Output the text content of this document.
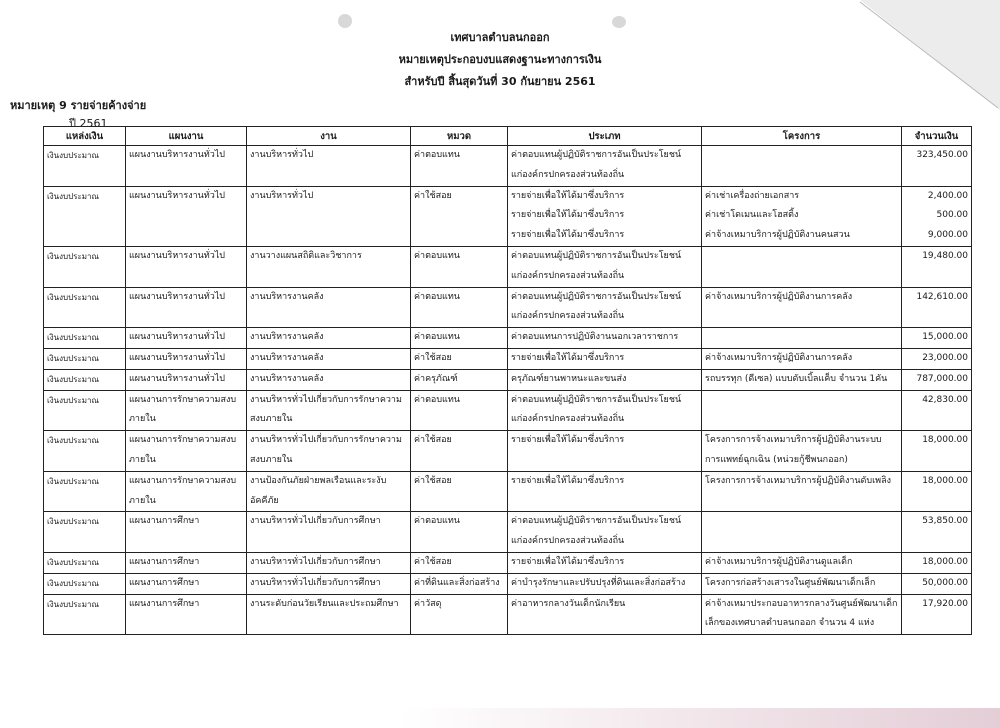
เทศบาลตำบลนกออก
หมายเหตุประกอบงบแสดงฐานะทางการเงิน
สำหรับปี สิ้นสุดวันที่ 30 กันยายน 2561
หมายเหตุ 9 รายจ่ายค้างจ่าย
ปี 2561
แหล่งเงิน	แผนงาน	งาน	หมวด	ประเภท	โครงการ	จำนวนเงิน
เงินงบประมาณ	แผนงานบริหารงานทั่วไป	งานบริหารทั่วไป	ค่าตอบแทน	ค่าตอบแทนผู้ปฏิบัติราชการอันเป็นประโยชน์		323,450.00
				แก่องค์กรปกครองส่วนท้องถิ่น		
เงินงบประมาณ	แผนงานบริหารงานทั่วไป	งานบริหารทั่วไป	ค่าใช้สอย	รายจ่ายเพื่อให้ได้มาซึ่งบริการ	ค่าเช่าเครื่องถ่ายเอกสาร	2,400.00
				รายจ่ายเพื่อให้ได้มาซึ่งบริการ	ค่าเช่าโดเมนและโฮสติ้ง	500.00
				รายจ่ายเพื่อให้ได้มาซึ่งบริการ	ค่าจ้างเหมาบริการผู้ปฏิบัติงานคนสวน	9,000.00
เงินงบประมาณ	แผนงานบริหารงานทั่วไป	งานวางแผนสถิติและวิชาการ	ค่าตอบแทน	ค่าตอบแทนผู้ปฏิบัติราชการอันเป็นประโยชน์		19,480.00
				แก่องค์กรปกครองส่วนท้องถิ่น		
เงินงบประมาณ	แผนงานบริหารงานทั่วไป	งานบริหารงานคลัง	ค่าตอบแทน	ค่าตอบแทนผู้ปฏิบัติราชการอันเป็นประโยชน์	ค่าจ้างเหมาบริการผู้ปฏิบัติงานการคลัง	142,610.00
				แก่องค์กรปกครองส่วนท้องถิ่น		
เงินงบประมาณ	แผนงานบริหารงานทั่วไป	งานบริหารงานคลัง	ค่าตอบแทน	ค่าตอบแทนการปฏิบัติงานนอกเวลาราชการ		15,000.00
เงินงบประมาณ	แผนงานบริหารงานทั่วไป	งานบริหารงานคลัง	ค่าใช้สอย	รายจ่ายเพื่อให้ได้มาซึ่งบริการ	ค่าจ้างเหมาบริการผู้ปฏิบัติงานการคลัง	23,000.00
เงินงบประมาณ	แผนงานบริหารงานทั่วไป	งานบริหารงานคลัง	ค่าครุภัณฑ์	ครุภัณฑ์ยานพาหนะและขนส่ง	รถบรรทุก (ดีเซล) แบบดับเบิ้ลแค็บ จำนวน 1คัน	787,000.00
เงินงบประมาณ	แผนงานการรักษาความสงบ	งานบริหารทั่วไปเกี่ยวกับการรักษาความ	ค่าตอบแทน	ค่าตอบแทนผู้ปฏิบัติราชการอันเป็นประโยชน์		42,830.00
	ภายใน	สงบภายใน		แก่องค์กรปกครองส่วนท้องถิ่น		
เงินงบประมาณ	แผนงานการรักษาความสงบ	งานบริหารทั่วไปเกี่ยวกับการรักษาความ	ค่าใช้สอย	รายจ่ายเพื่อให้ได้มาซึ่งบริการ	โครงการการจ้างเหมาบริการผู้ปฏิบัติงานระบบ	18,000.00
	ภายใน	สงบภายใน			การแพทย์ฉุกเฉิน (หน่วยกู้ชีพนกออก)	
เงินงบประมาณ	แผนงานการรักษาความสงบ	งานป้องกันภัยฝ่ายพลเรือนและระงับ	ค่าใช้สอย	รายจ่ายเพื่อให้ได้มาซึ่งบริการ	โครงการการจ้างเหมาบริการผู้ปฏิบัติงานดับเพลิง	18,000.00
	ภายใน	อัคคีภัย				
เงินงบประมาณ	แผนงานการศึกษา	งานบริหารทั่วไปเกี่ยวกับการศึกษา	ค่าตอบแทน	ค่าตอบแทนผู้ปฏิบัติราชการอันเป็นประโยชน์		53,850.00
				แก่องค์กรปกครองส่วนท้องถิ่น		
เงินงบประมาณ	แผนงานการศึกษา	งานบริหารทั่วไปเกี่ยวกับการศึกษา	ค่าใช้สอย	รายจ่ายเพื่อให้ได้มาซึ่งบริการ	ค่าจ้างเหมาบริการผู้ปฏิบัติงานดูแลเด็ก	18,000.00
เงินงบประมาณ	แผนงานการศึกษา	งานบริหารทั่วไปเกี่ยวกับการศึกษา	ค่าที่ดินและสิ่งก่อสร้าง	ค่าบำรุงรักษาและปรับปรุงที่ดินและสิ่งก่อสร้าง	โครงการก่อสร้างเสารงในศูนย์พัฒนาเด็กเล็ก	50,000.00
เงินงบประมาณ	แผนงานการศึกษา	งานระดับก่อนวัยเรียนและประถมศึกษา	ค่าวัสดุ	ค่าอาหารกลางวันเด็กนักเรียน	ค่าจ้างเหมาประกอบอาหารกลางวันศูนย์พัฒนาเด็ก	17,920.00
					เล็กของเทศบาลตำบลนกออก จำนวน 4 แห่ง	
